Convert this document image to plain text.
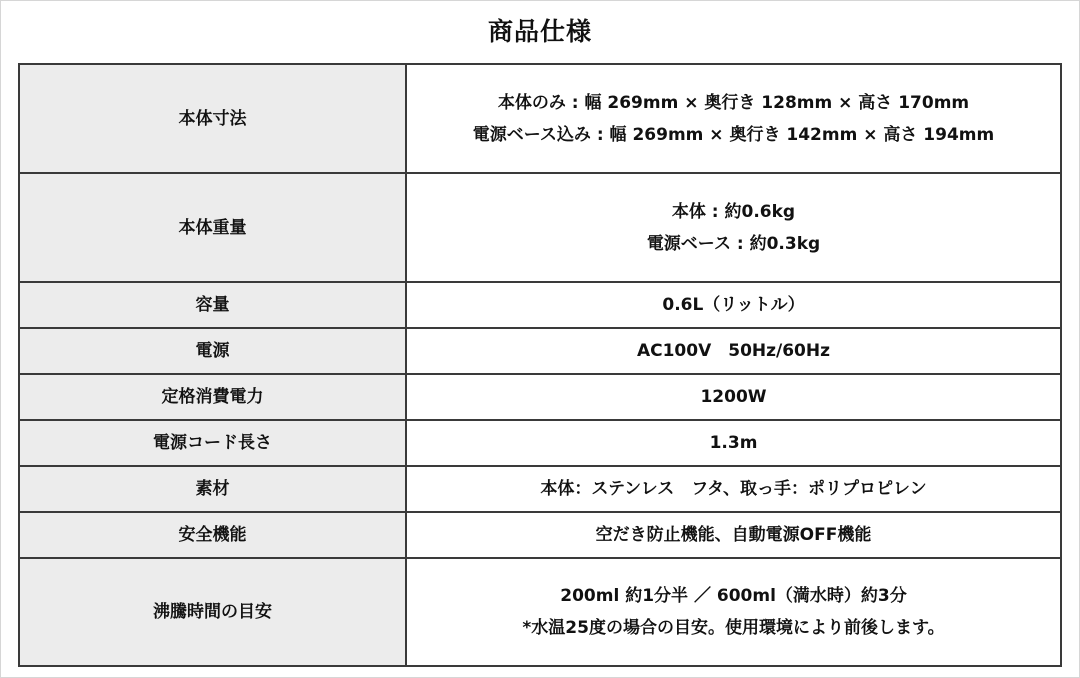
商品仕様
本体寸法	本体のみ : 幅 269mm × 奥行き 128mm × 高さ 170mm
電源ベース込み : 幅 269mm × 奥行き 142mm × 高さ 194mm

本体重量	本体 : 約0.6kg
電源ベース : 約0.3kg

容量	0.6L（リットル）

電源	AC100V　50Hz/60Hz

定格消費電力	1200W

電源コード長さ	1.3m

素材	本体：ステンレス　フタ、取っ手：ポリプロピレン

安全機能	空だき防止機能、自動電源OFF機能

沸騰時間の目安	200ml 約1分半 ／ 600ml（満水時）約3分
*水温25度の場合の目安。使用環境により前後します。
